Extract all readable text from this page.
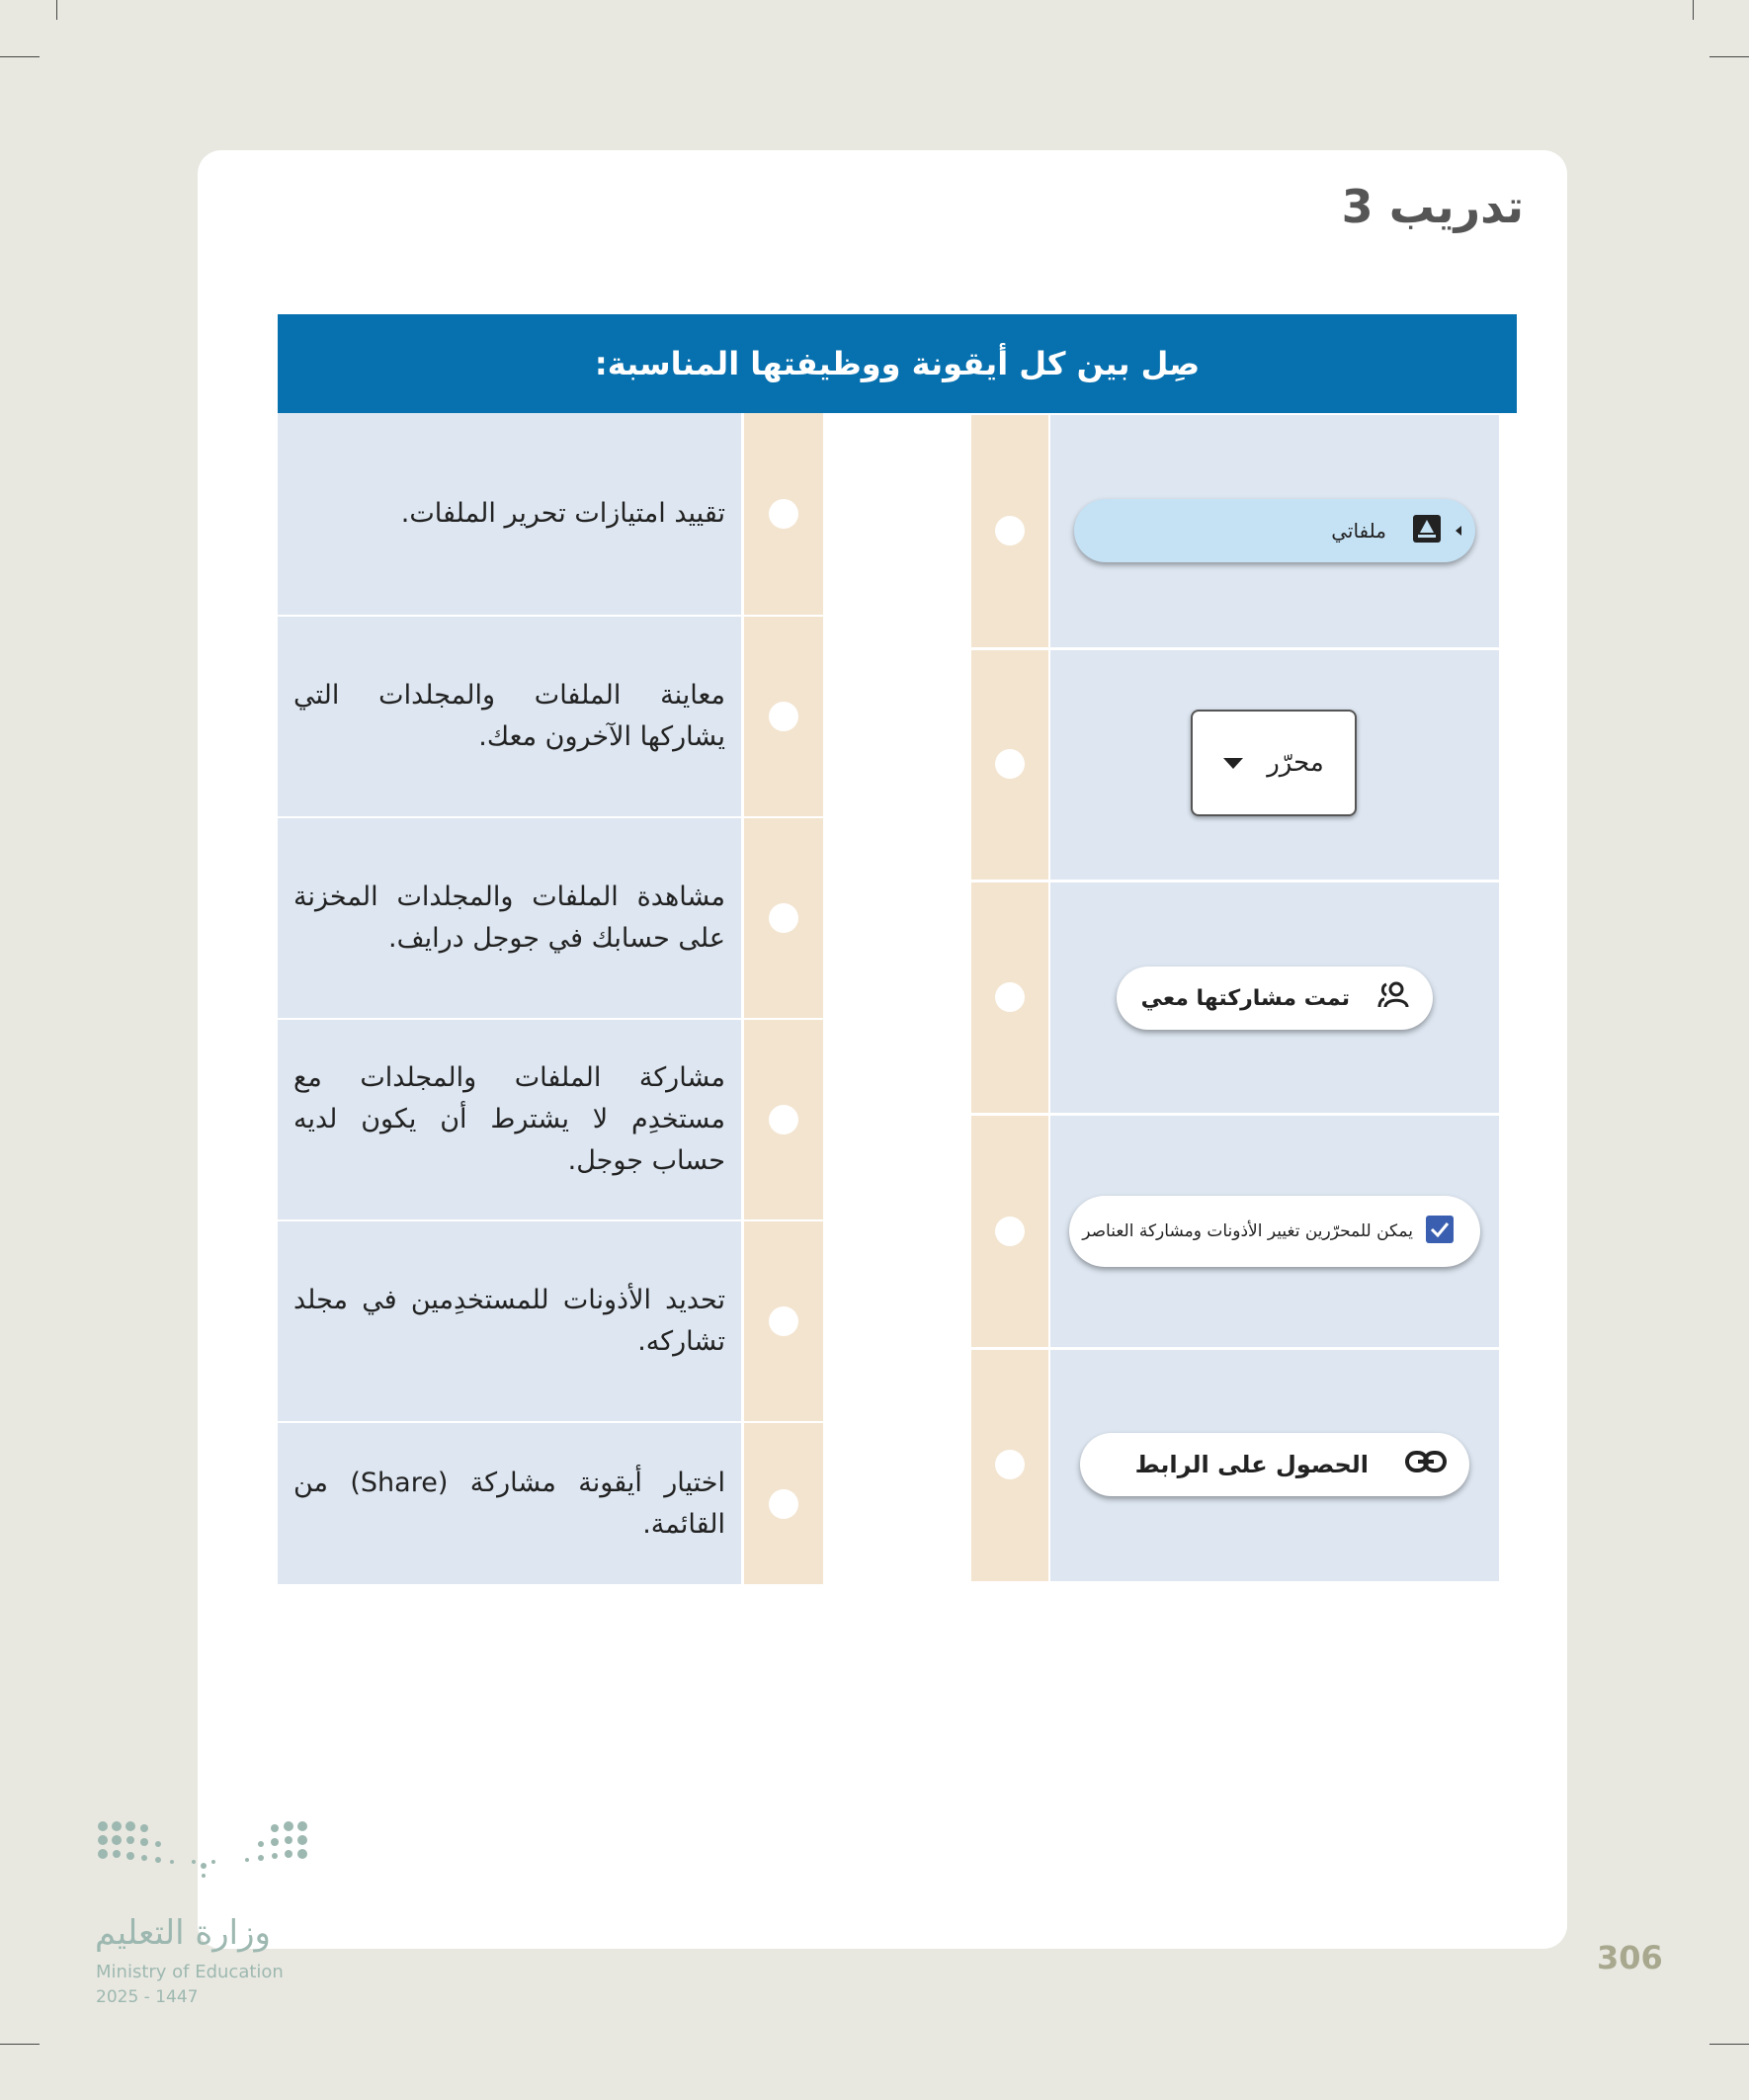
تدريب 3
صِل بين كل أيقونة ووظيفتها المناسبة:
تقييد امتيازات تحرير الملفات.
معاينة الملفات والمجلدات التي يشاركها الآخرون معك.
مشاهدة الملفات والمجلدات المخزنة على حسابك في جوجل درايف.
مشاركة الملفات والمجلدات مع مستخدِم لا يشترط أن يكون لديه حساب جوجل.
تحديد الأذونات للمستخدِمين في مجلد تشاركه.
اختيار أيقونة مشاركة (Share) من القائمة.
ملفاتي
محرّر
تمت مشاركتها معي
يمكن للمحرّرين تغيير الأذونات ومشاركة العناصر
الحصول على الرابط
306
وزارة التعليم
Ministry of Education
2025 - 1447
